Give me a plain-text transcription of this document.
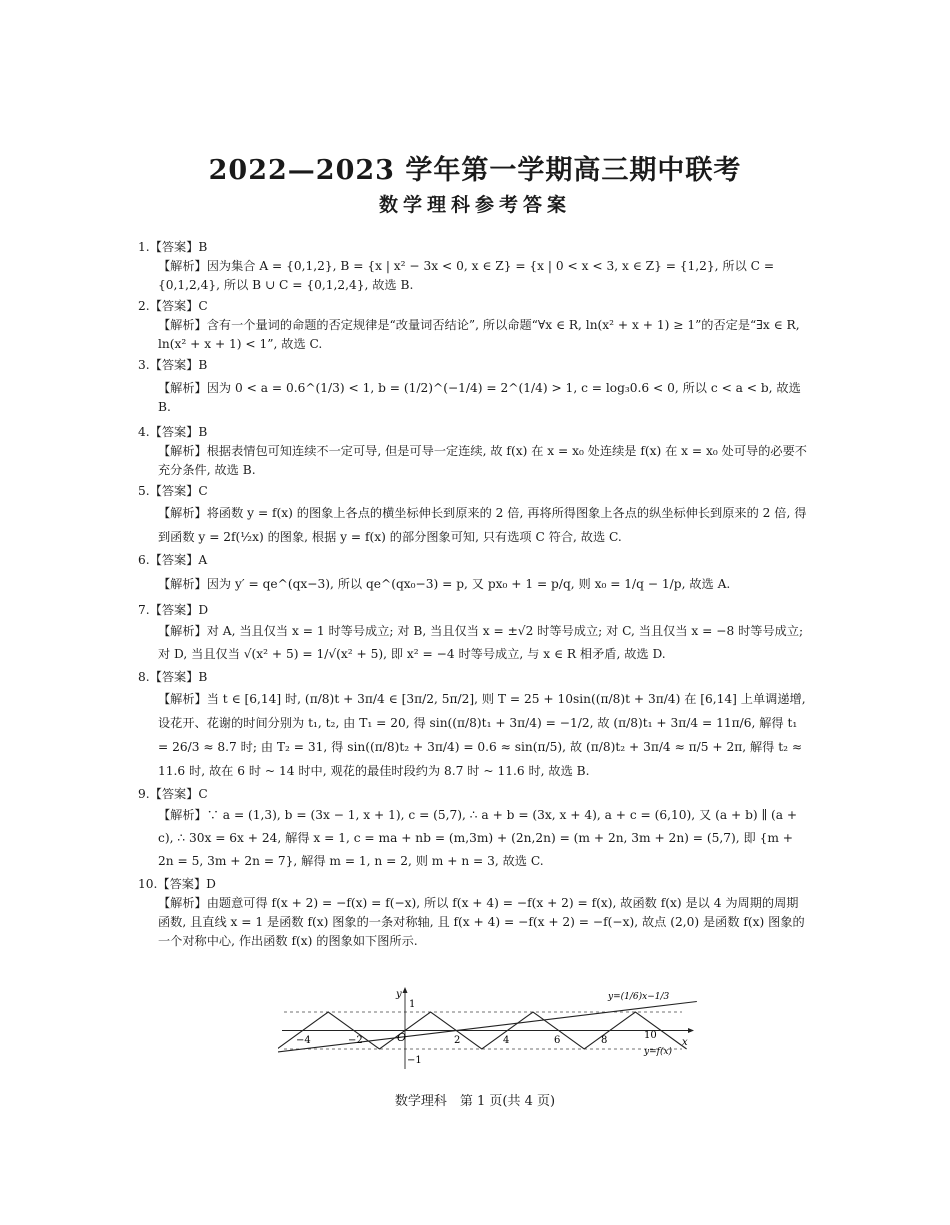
2022—2023 学年第一学期高三期中联考
数学理科参考答案
1.【答案】B
【解析】因为集合 A = {0,1,2}, B = {x | x² − 3x < 0, x ∈ Z} = {x | 0 < x < 3, x ∈ Z} = {1,2}, 所以 C = {0,1,2,4}, 所以 B ∪ C = {0,1,2,4}, 故选 B.
2.【答案】C
【解析】含有一个量词的命题的否定规律是“改量词否结论”, 所以命题“∀x ∈ R, ln(x² + x + 1) ≥ 1”的否定是“∃x ∈ R, ln(x² + x + 1) < 1”, 故选 C.
3.【答案】B
【解析】因为 0 < a = 0.6^(1/3) < 1, b = (1/2)^(−1/4) = 2^(1/4) > 1, c = log₃0.6 < 0, 所以 c < a < b, 故选 B.
4.【答案】B
【解析】根据表情包可知连续不一定可导, 但是可导一定连续, 故 f(x) 在 x = x₀ 处连续是 f(x) 在 x = x₀ 处可导的必要不充分条件, 故选 B.
5.【答案】C
【解析】将函数 y = f(x) 的图象上各点的横坐标伸长到原来的 2 倍, 再将所得图象上各点的纵坐标伸长到原来的 2 倍, 得到函数 y = 2f(½x) 的图象, 根据 y = f(x) 的部分图象可知, 只有选项 C 符合, 故选 C.
6.【答案】A
【解析】因为 y′ = qe^(qx−3), 所以 qe^(qx₀−3) = p, 又 px₀ + 1 = p/q, 则 x₀ = 1/q − 1/p, 故选 A.
7.【答案】D
【解析】对 A, 当且仅当 x = 1 时等号成立; 对 B, 当且仅当 x = ±√2 时等号成立; 对 C, 当且仅当 x = −8 时等号成立; 对 D, 当且仅当 √(x² + 5) = 1/√(x² + 5), 即 x² = −4 时等号成立, 与 x ∈ R 相矛盾, 故选 D.
8.【答案】B
【解析】当 t ∈ [6,14] 时, (π/8)t + 3π/4 ∈ [3π/2, 5π/2], 则 T = 25 + 10sin((π/8)t + 3π/4) 在 [6,14] 上单调递增, 设花开、花谢的时间分别为 t₁, t₂, 由 T₁ = 20, 得 sin((π/8)t₁ + 3π/4) = −1/2, 故 (π/8)t₁ + 3π/4 = 11π/6, 解得 t₁ = 26/3 ≈ 8.7 时; 由 T₂ = 31, 得 sin((π/8)t₂ + 3π/4) = 0.6 ≈ sin(π/5), 故 (π/8)t₂ + 3π/4 ≈ π/5 + 2π, 解得 t₂ ≈ 11.6 时, 故在 6 时 ~ 14 时中, 观花的最佳时段约为 8.7 时 ~ 11.6 时, 故选 B.
9.【答案】C
【解析】∵ a = (1,3), b = (3x − 1, x + 1), c = (5,7), ∴ a + b = (3x, x + 4), a + c = (6,10), 又 (a + b) ∥ (a + c), ∴ 30x = 6x + 24, 解得 x = 1, c = ma + nb = (m,3m) + (2n,2n) = (m + 2n, 3m + 2n) = (5,7), 即 {m + 2n = 5, 3m + 2n = 7}, 解得 m = 1, n = 2, 则 m + n = 3, 故选 C.
10.【答案】D
【解析】由题意可得 f(x + 2) = −f(x) = f(−x), 所以 f(x + 4) = −f(x + 2) = f(x), 故函数 f(x) 是以 4 为周期的周期函数, 且直线 x = 1 是函数 f(x) 图象的一条对称轴, 且 f(x + 4) = −f(x + 2) = −f(−x), 故点 (2,0) 是函数 f(x) 图象的一个对称中心, 作出函数 f(x) 的图象如下图所示.
y
x
O
1
−1
−4	−2	2	4	6	8	10
y=(1/6)x−1/3
y=f(x)
数学理科　第 1 页(共 4 页)
